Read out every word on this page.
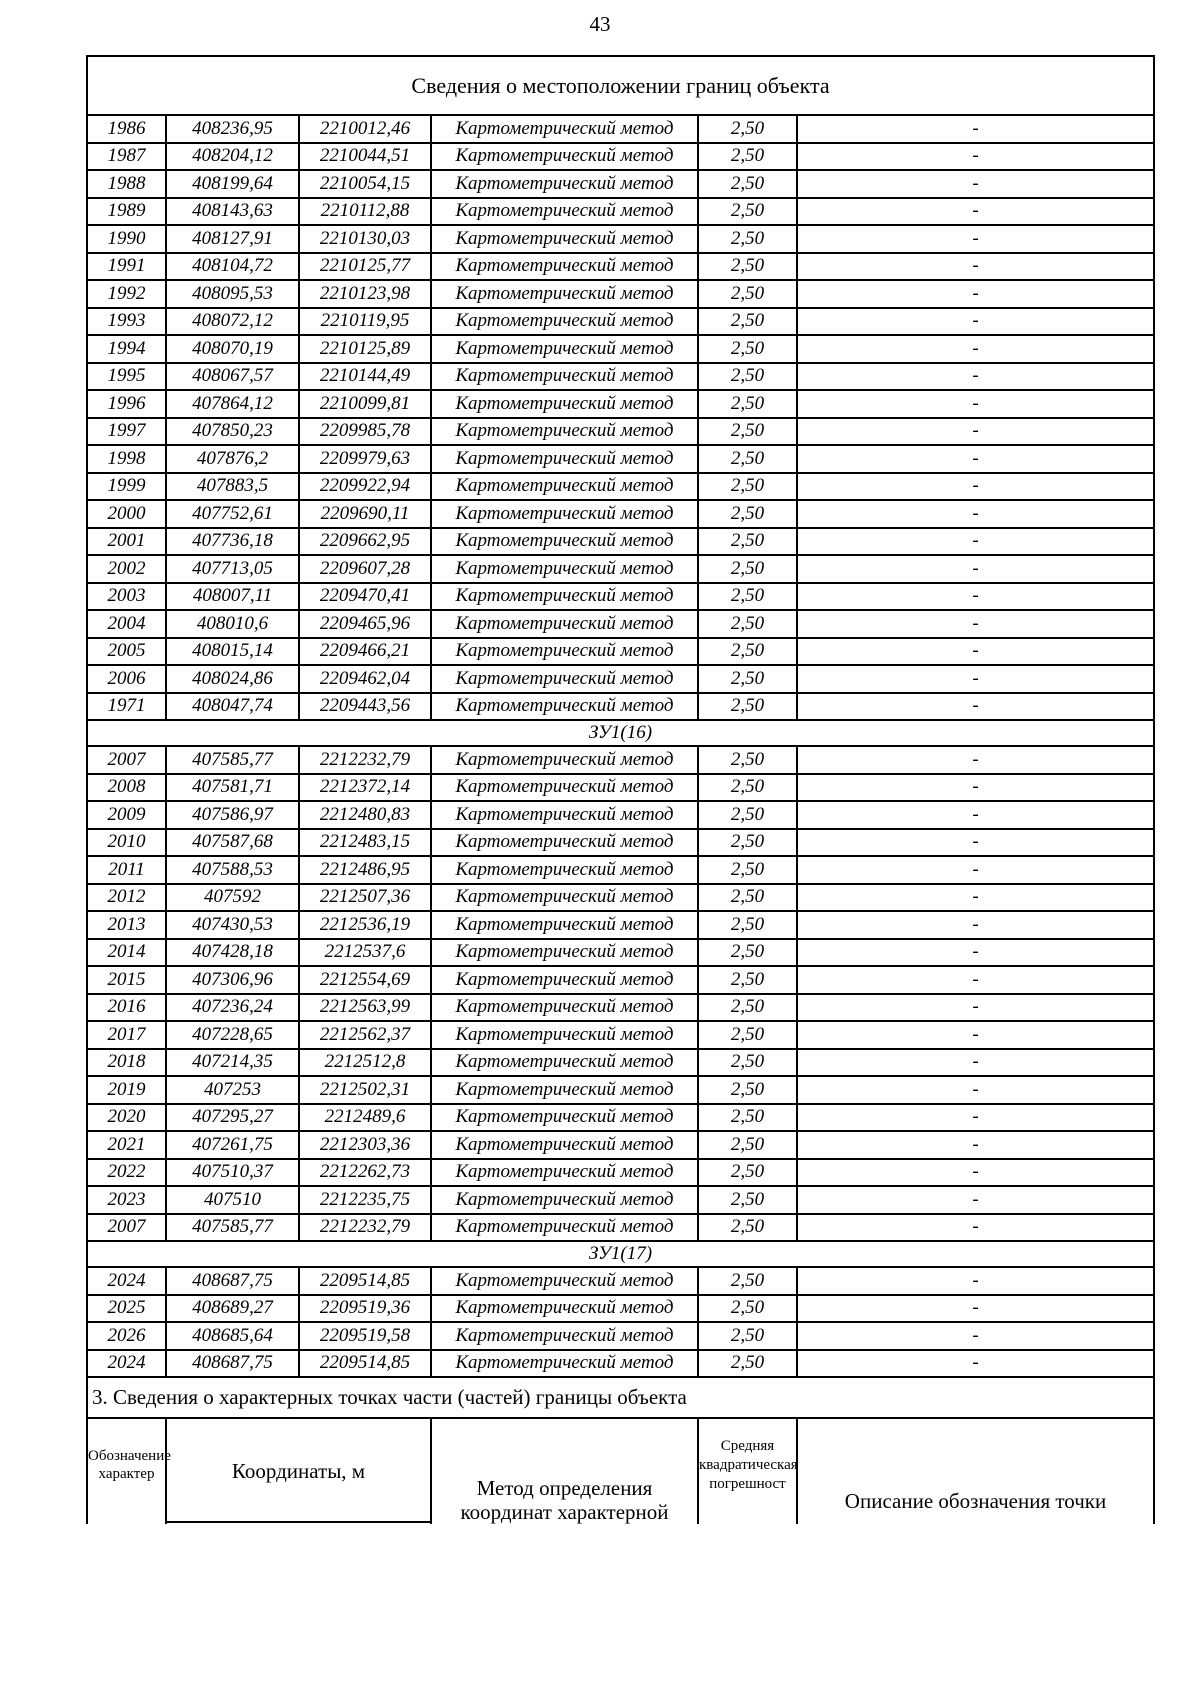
43
Сведения о местоположении границ объекта					
1986	408236,95	2210012,46	Картометрический метод	2,50	-
1987	408204,12	2210044,51	Картометрический метод	2,50	-
1988	408199,64	2210054,15	Картометрический метод	2,50	-
1989	408143,63	2210112,88	Картометрический метод	2,50	-
1990	408127,91	2210130,03	Картометрический метод	2,50	-
1991	408104,72	2210125,77	Картометрический метод	2,50	-
1992	408095,53	2210123,98	Картометрический метод	2,50	-
1993	408072,12	2210119,95	Картометрический метод	2,50	-
1994	408070,19	2210125,89	Картометрический метод	2,50	-
1995	408067,57	2210144,49	Картометрический метод	2,50	-
1996	407864,12	2210099,81	Картометрический метод	2,50	-
1997	407850,23	2209985,78	Картометрический метод	2,50	-
1998	407876,2	2209979,63	Картометрический метод	2,50	-
1999	407883,5	2209922,94	Картометрический метод	2,50	-
2000	407752,61	2209690,11	Картометрический метод	2,50	-
2001	407736,18	2209662,95	Картометрический метод	2,50	-
2002	407713,05	2209607,28	Картометрический метод	2,50	-
2003	408007,11	2209470,41	Картометрический метод	2,50	-
2004	408010,6	2209465,96	Картометрический метод	2,50	-
2005	408015,14	2209466,21	Картометрический метод	2,50	-
2006	408024,86	2209462,04	Картометрический метод	2,50	-
1971	408047,74	2209443,56	Картометрический метод	2,50	-
ЗУ1(16)					
2007	407585,77	2212232,79	Картометрический метод	2,50	-
2008	407581,71	2212372,14	Картометрический метод	2,50	-
2009	407586,97	2212480,83	Картометрический метод	2,50	-
2010	407587,68	2212483,15	Картометрический метод	2,50	-
2011	407588,53	2212486,95	Картометрический метод	2,50	-
2012	407592	2212507,36	Картометрический метод	2,50	-
2013	407430,53	2212536,19	Картометрический метод	2,50	-
2014	407428,18	2212537,6	Картометрический метод	2,50	-
2015	407306,96	2212554,69	Картометрический метод	2,50	-
2016	407236,24	2212563,99	Картометрический метод	2,50	-
2017	407228,65	2212562,37	Картометрический метод	2,50	-
2018	407214,35	2212512,8	Картометрический метод	2,50	-
2019	407253	2212502,31	Картометрический метод	2,50	-
2020	407295,27	2212489,6	Картометрический метод	2,50	-
2021	407261,75	2212303,36	Картометрический метод	2,50	-
2022	407510,37	2212262,73	Картометрический метод	2,50	-
2023	407510	2212235,75	Картометрический метод	2,50	-
2007	407585,77	2212232,79	Картометрический метод	2,50	-
ЗУ1(17)					
2024	408687,75	2209514,85	Картометрический метод	2,50	-
2025	408689,27	2209519,36	Картометрический метод	2,50	-
2026	408685,64	2209519,58	Картометрический метод	2,50	-
2024	408687,75	2209514,85	Картометрический метод	2,50	-
3. Сведения о характерных точках части (частей) границы объекта					

Обозначение характер	Координаты, м		Метод определения координат характерной	Средняя квадратическая погрешност	Описание обозначения точки
